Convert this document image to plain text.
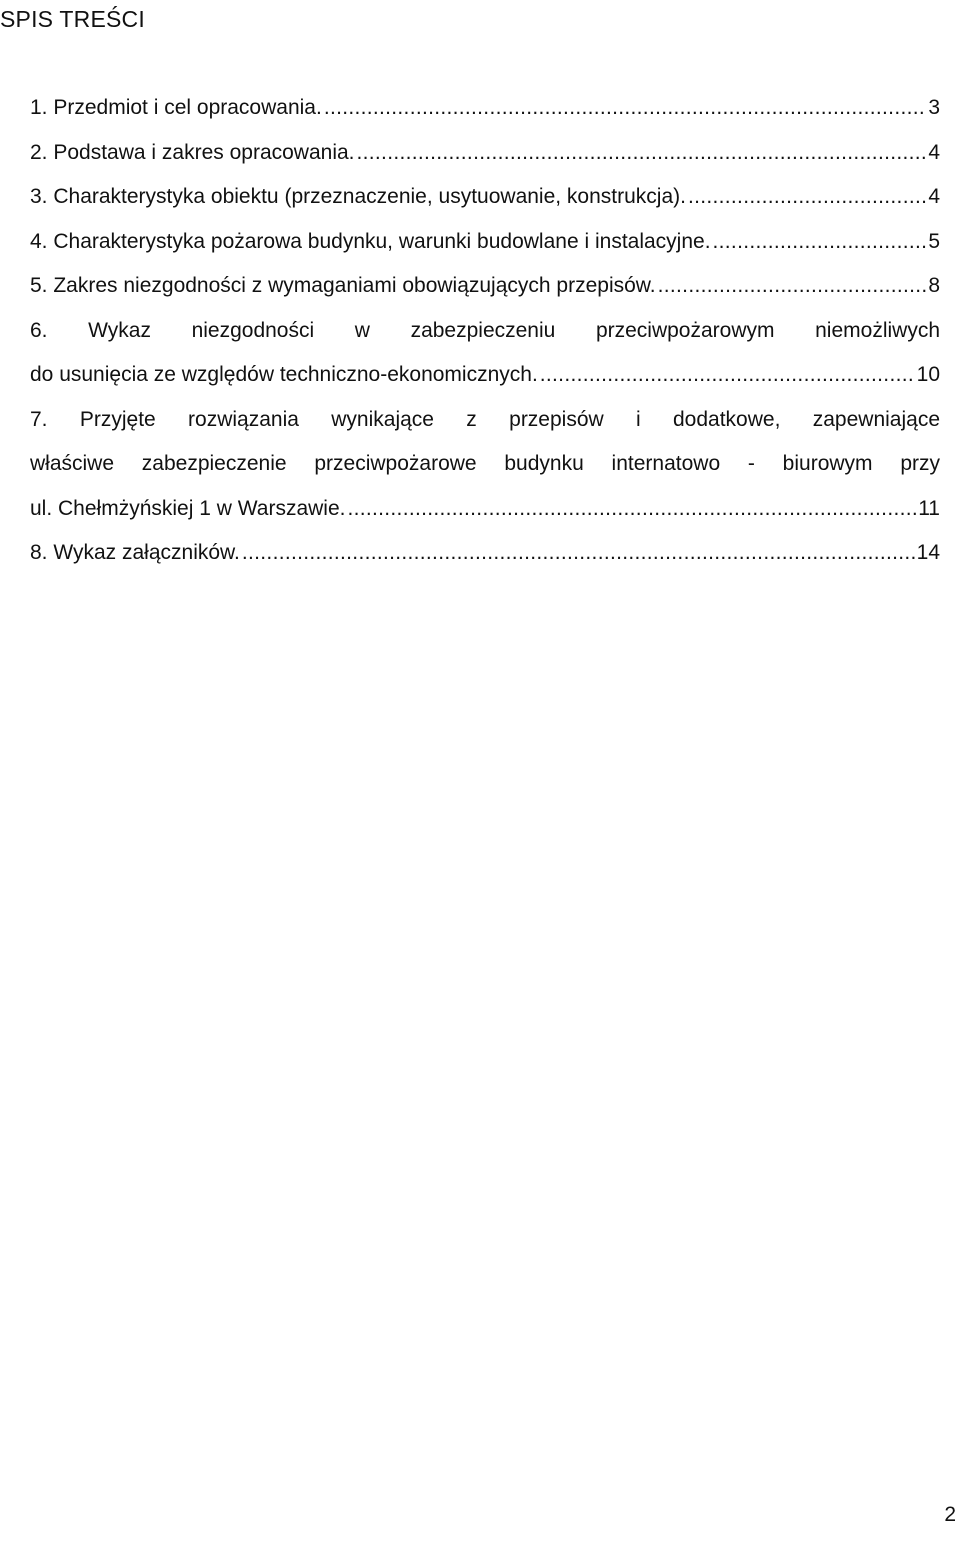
SPIS TREŚCI
1. Przedmiot i cel opracowania. .....	3
2. Podstawa i zakres opracowania. .....	4
3. Charakterystyka obiektu (przeznaczenie, usytuowanie, konstrukcja). .....	4
4. Charakterystyka pożarowa budynku, warunki budowlane i instalacyjne. .....	5
5. Zakres niezgodności z wymaganiami obowiązujących przepisów. .....	8
6. Wykaz niezgodności w zabezpieczeniu przeciwpożarowym niemożliwych
do usunięcia ze względów techniczno-ekonomicznych. .....	10
7. Przyjęte rozwiązania wynikające z przepisów i dodatkowe, zapewniające
właściwe zabezpieczenie przeciwpożarowe budynku internatowo - biurowym przy
ul. Chełmżyńskiej 1 w Warszawie. .....	11
8. Wykaz załączników. .....	14
2
